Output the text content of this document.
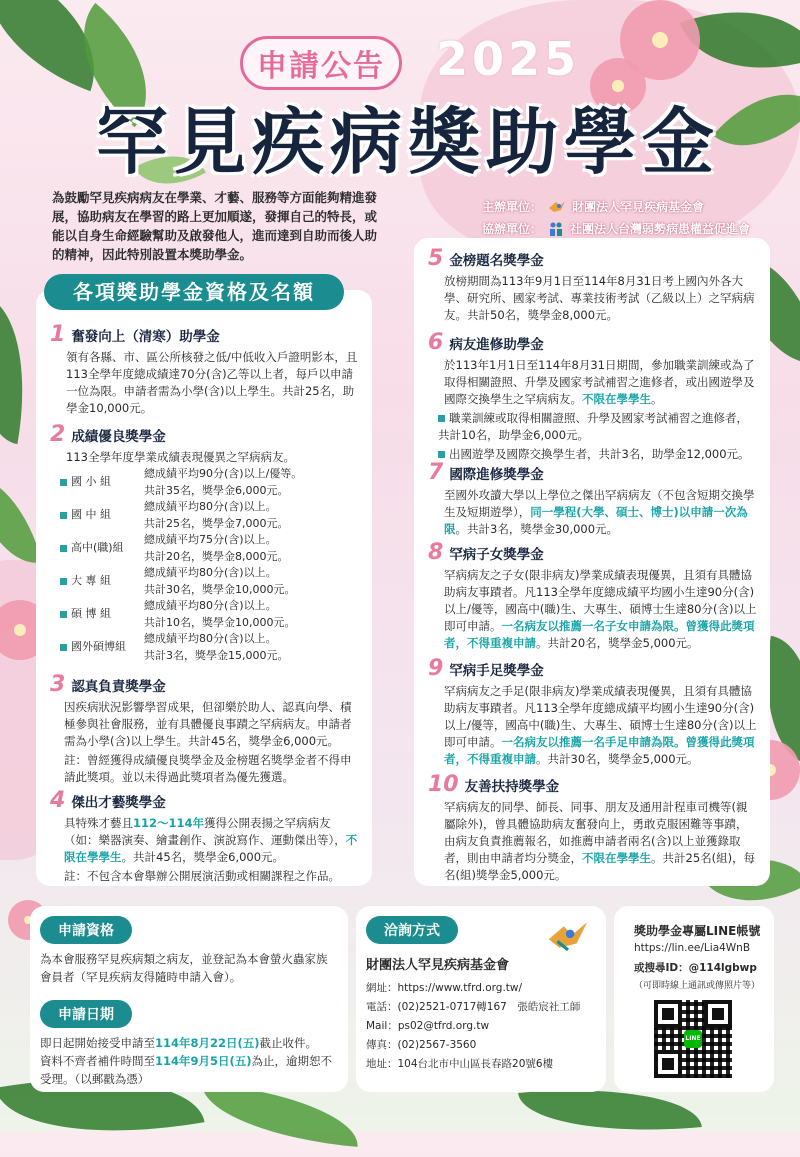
申請公告	2025
罕見疾病獎助學金
為鼓勵罕見疾病病友在學業、才藝、服務等方面能夠精進發展，協助病友在學習的路上更加順遂，發揮自己的特長，或能以自身生命經驗幫助及啟發他人，進而達到自助而後人助的精神，因此特別設置本獎助學金。
主辦單位：	財團法人罕見疾病基金會
協辦單位： 社團法人台灣弱勢病患權益促進會
各項獎助學金資格及名額
1 奮發向上（清寒）助學金

領有各縣、市、區公所核發之低/中低收入戶證明影本，且113全學年度總成績達70分(含)乙等以上者，每戶以申請一位為限。申請者需為小學(含)以上學生。共計25名，助學金10,000元。

2 成績優良獎學金

113全學年度學業成績表現優異之罕病病友。

國 小 組	總成績平均90分(含)以上/優等。
	共計35名，獎學金6,000元。
國 中 組	總成績平均80分(含)以上。
	共計25名，獎學金7,000元。
高中(職)組	總成績平均75分(含)以上。
	共計20名，獎學金8,000元。
大 專 組	總成績平均80分(含)以上。
	共計30名，獎學金10,000元。
碩 博 組	總成績平均80分(含)以上。
	共計10名，獎學金10,000元。
國外碩博組	總成績平均80分(含)以上。
	共計3名，獎學金15,000元。
3 認真負責獎學金

因疾病狀況影響學習成果，但卻樂於助人、認真向學、積極參與社會服務，並有具體優良事蹟之罕病病友。申請者需為小學(含)以上學生。共計45名，獎學金6,000元。

註：曾經獲得成績優良獎學金及金榜題名獎學金者不得申請此獎項。並以未得過此獎項者為優先獲選。

4 傑出才藝獎學金

具特殊才藝且112～114年獲得公開表揚之罕病病友（如：樂器演奏、繪畫創作、演說寫作、運動傑出等），不限在學學生。共計45名，獎學金6,000元。

註：不包含本會舉辦公開展演活動或相關課程之作品。

5 金榜題名獎學金

放榜期間為113年9月1日至114年8月31日考上國內外各大學、研究所、國家考試、專業技術考試（乙級以上）之罕病病友。共計50名，獎學金8,000元。

6 病友進修助學金

於113年1月1日至114年8月31日期間，參加職業訓練或為了取得相關證照、升學及國家考試補習之進修者，或出國遊學及國際交換學生之罕病病友。不限在學學生。

職業訓練或取得相關證照、升學及國家考試補習之進修者，共計10名，助學金6,000元。

出國遊學及國際交換學生者，共計3名，助學金12,000元。

7 國際進修獎學金

至國外攻讀大學以上學位之傑出罕病病友（不包含短期交換學生及短期遊學），同一學程(大學、碩士、博士)以申請一次為限。共計3名，獎學金30,000元。

8 罕病子女獎學金

罕病病友之子女(限非病友)學業成績表現優異，且須有具體協助病友事蹟者。凡113全學年度總成績平均國小生達90分(含)以上/優等，國高中(職)生、大專生、碩博士生達80分(含)以上即可申請。一名病友以推薦一名子女申請為限。曾獲得此獎項者，不得重複申請。共計20名，獎學金5,000元。

9 罕病手足獎學金

罕病病友之手足(限非病友)學業成績表現優異，且須有具體協助病友事蹟者。凡113全學年度總成績平均國小生達90分(含)以上/優等，國高中(職)生、大專生、碩博士生達80分(含)以上即可申請。一名病友以推薦一名手足申請為限。曾獲得此獎項者，不得重複申請。共計30名，獎學金5,000元。

10 友善扶持獎學金

罕病病友的同學、師長、同事、朋友及通用計程車司機等(親屬除外)，曾具體協助病友奮發向上，勇敢克服困難等事蹟，由病友負責推薦報名，如推薦申請者兩名(含)以上並獲錄取者，則由申請者均分獎金，不限在學學生。共計25名(組)，每名(組)獎學金5,000元。

申請資格

為本會服務罕見疾病類之病友，並登記為本會螢火蟲家族會員者（罕見疾病友得隨時申請入會）。

申請日期

即日起開始接受申請至114年8月22日(五)截止收件。

資料不齊者補件時間至114年9月5日(五)為止，逾期恕不受理。（以郵戳為憑）

洽詢方式
財團法人罕見疾病基金會
網址：https://www.tfrd.org.tw/
電話：(02)2521-0717轉167　張皓宸社工師
Mail：ps02@tfrd.org.tw
傳真：(02)2567-3560
地址：104台北市中山區長春路20號6樓
獎助學金專屬LINE帳號
https://lin.ee/Lia4WnB
或搜尋ID：@114lgbwp
（可即時線上通訊或傳照片等）
LINE
